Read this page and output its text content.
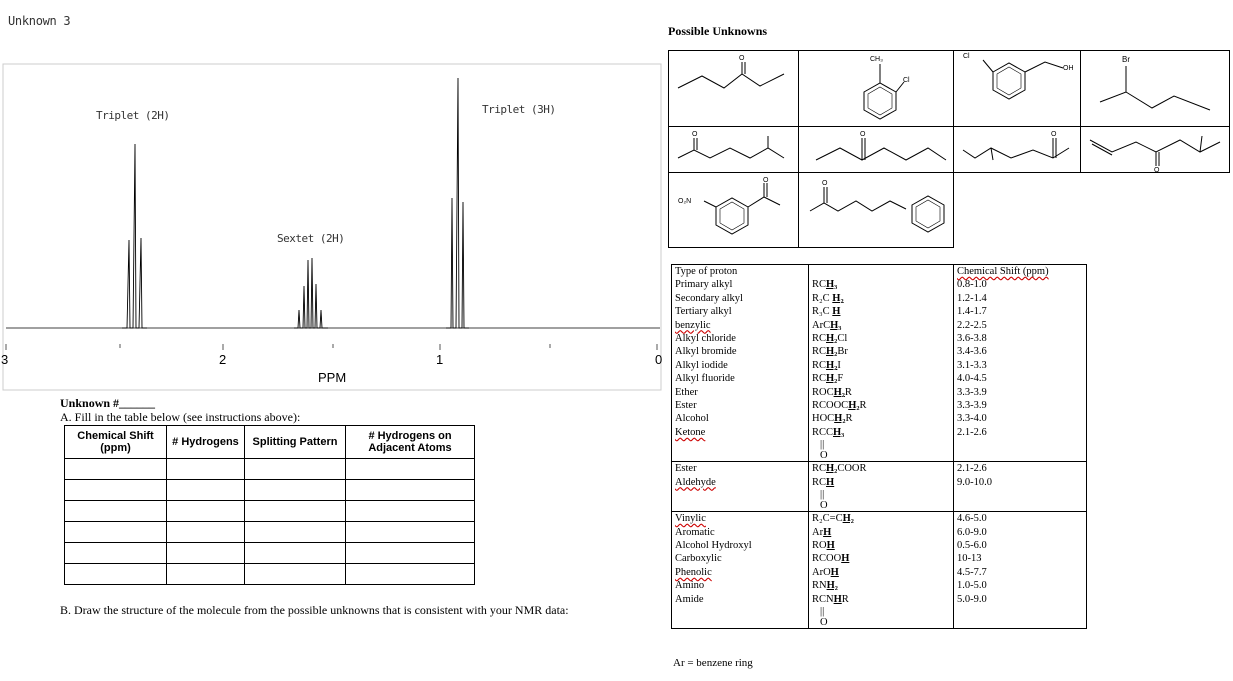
Unknown 3
Triplet (2H)	Triplet (3H)
Sextet (2H)
3	2	1	0
PPM
Unknown #______
A. Fill in the table below (see instructions above):
Chemical Shift (ppm)	# Hydrogens	Splitting Pattern	# Hydrogens on Adjacent Atoms

B. Draw the structure of the molecule from the possible unknowns that is consistent with your NMR data:
Possible Unknowns
O	CH₃
Cl
Cl
OH
Br
O	O	O
O
O₂N
O	O
Type of proton		Chemical Shift (ppm)
Primary alkyl	RCH₃	0.8-1.0
Secondary alkyl	R₂C H₂	1.2-1.4
Tertiary alkyl	R₃C H	1.4-1.7
benzylic	ArCH₃	2.2-2.5
Alkyl chloride	RCH₂Cl	3.6-3.8
Alkyl bromide	RCH₂Br	3.4-3.6
Alkyl iodide	RCH₂I	3.1-3.3
Alkyl fluoride	RCH₂F	4.0-4.5
Ether	ROCH₂R	3.3-3.9
Ester	RCOOCH₂R	3.3-3.9
Alcohol	HOCH₂R	3.3-4.0
Ketone	RCCH₃	2.1-2.6

	||
O	

Ester	RCH₂COOR	2.1-2.6
Aldehyde	RCH	9.0-10.0

	||
O	

Vinylic	R₂C=CH₂	4.6-5.0
Aromatic	ArH	6.0-9.0
Alcohol Hydroxyl	ROH	0.5-6.0
Carboxylic	RCOOH	10-13
Phenolic	ArOH	4.5-7.7
Amino	RNH₂	1.0-5.0
Amide	RCNHR	5.0-9.0

	||
O	

Ar = benzene ring
